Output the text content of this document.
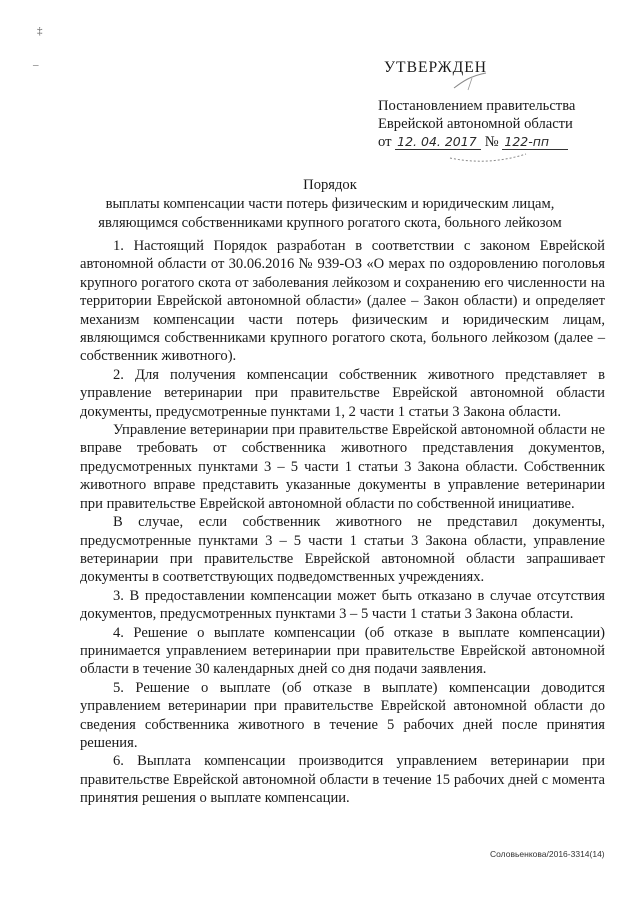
‡
–	УТВЕРЖДЕН
Постановлением правительства
Еврейской автономной области
от 12. 04. 2017 № 122-пп
Порядок
выплаты компенсации части потерь физическим и юридическим лицам,
являющимся собственниками крупного рогатого скота, больного лейкозом

1. Настоящий Порядок разработан в соответствии с законом Еврейской автономной области от 30.06.2016 № 939-ОЗ «О мерах по оздоровлению поголовья крупного рогатого скота от заболевания лейкозом и сохранению его численности на территории Еврейской автономной области» (далее – Закон области) и определяет механизм компенсации части потерь физическим и юридическим лицам, являющимся собственниками крупного рогатого скота, больного лейкозом (далее – собственник животного).

2. Для получения компенсации собственник животного представляет в управление ветеринарии при правительстве Еврейской автономной области документы, предусмотренные пунктами 1, 2 части 1 статьи 3 Закона области.

Управление ветеринарии при правительстве Еврейской автономной области не вправе требовать от собственника животного представления документов, предусмотренных пунктами 3 – 5 части 1 статьи 3 Закона области. Собственник животного вправе представить указанные документы в управление ветеринарии при правительстве Еврейской автономной области по собственной инициативе.

В случае, если собственник животного не представил документы, предусмотренные пунктами 3 – 5 части 1 статьи 3 Закона области, управление ветеринарии при правительстве Еврейской автономной области запрашивает документы в соответствующих подведомственных учреждениях.

3. В предоставлении компенсации может быть отказано в случае отсутствия документов, предусмотренных пунктами 3 – 5 части 1 статьи 3 Закона области.

4. Решение о выплате компенсации (об отказе в выплате компенсации) принимается управлением ветеринарии при правительстве Еврейской автономной области в течение 30 календарных дней со дня подачи заявления.

5. Решение о выплате (об отказе в выплате) компенсации доводится управлением ветеринарии при правительстве Еврейской автономной области до сведения собственника животного в течение 5 рабочих дней после принятия решения.

6. Выплата компенсации производится управлением ветеринарии при правительстве Еврейской автономной области в течение 15 рабочих дней с момента принятия решения о выплате компенсации.

Соловьенкова/2016-3314(14)
